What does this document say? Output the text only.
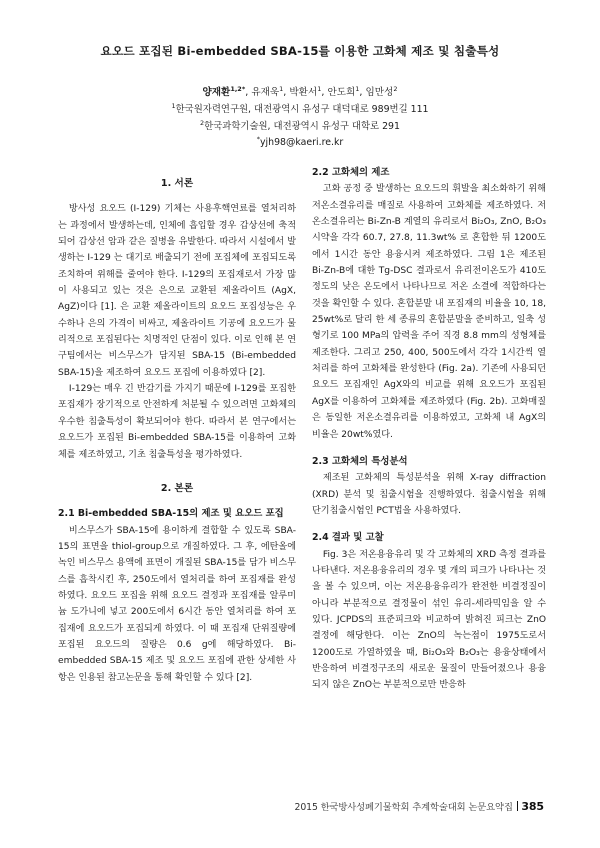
요오드 포집된 Bi-embedded SBA-15를 이용한 고화체 제조 및 침출특성
양재환$^{1,2*}$, 유재욱$^1$, 박환서$^1$, 안도희$^1$, 임만성$^2$
$^1$한국원자력연구원, 대전광역시 유성구 대덕대로 989번길 111
$^2$한국과학기술원, 대전광역시 유성구 대학로 291
*yjh98@kaeri.re.kr
1. 서론

방사성 요오드 (I-129) 기체는 사용후핵연료를 열처리하는 과정에서 발생하는데, 인체에 흡입할 경우 갑상선에 축적되어 갑상선 암과 같은 질병을 유발한다. 따라서 시설에서 발생하는 I-129 는 대기로 배출되기 전에 포집체에 포집되도록 조치하여 위해를 줄여야 한다. I-129의 포집재로서 가장 많이 사용되고 있는 것은 은으로 교환된 제올라이트 (AgX, AgZ)이다 [1]. 은 교환 제올라이트의 요오드 포집성능은 우수하나 은의 가격이 비싸고, 제올라이트 기공에 요오드가 물리적으로 포집된다는 치명적인 단점이 있다. 이로 인해 본 연구팀에서는 비스무스가 담지된 SBA-15 (Bi-embedded SBA-15)을 제조하여 요오드 포집에 이용하였다 [2].

I-129는 매우 긴 반감기를 가지기 때문에 I-129를 포집한 포집재가 장기적으로 안전하게 처분될 수 있으려면 고화체의 우수한 침출특성이 확보되어야 한다. 따라서 본 연구에서는 요오드가 포집된 Bi-embedded SBA-15를 이용하여 고화체를 제조하였고, 기초 침출특성을 평가하였다.

2. 본론

2.1 Bi-embedded SBA-15의 제조 및 요오드 포집

비스무스가 SBA-15에 용이하게 결합할 수 있도록 SBA-15의 표면을 thiol-group으로 개질하였다. 그 후, 에탄올에 녹인 비스무스 용액에 표면이 개질된 SBA-15를 담가 비스무스를 흡착시킨 후, 250도에서 열처리를 하여 포집재를 완성하였다. 요오드 포집을 위해 요오드 결정과 포집재를 알루미늄 도가니에 넣고 200도에서 6시간 동안 열처리를 하여 포집재에 요오드가 포집되게 하였다. 이 때 포집재 단위질량에 포집된 요오드의 질량은 0.6 g에 해당하였다. Bi-embedded SBA-15 제조 및 요오드 포집에 관한 상세한 사항은 인용된 참고논문을 통해 확인할 수 있다 [2].

2.2 고화체의 제조

고화 공정 중 발생하는 요오드의 휘발을 최소화하기 위해 저온소결유리를 매질로 사용하여 고화체를 제조하였다. 저온소결유리는 Bi-Zn-B 계열의 유리로서 Bi₂O₃, ZnO, B₂O₃ 시약을 각각 60.7, 27.8, 11.3wt% 로 혼합한 뒤 1200도에서 1시간 동안 용융시켜 제조하였다. 그림 1은 제조된 Bi-Zn-B에 대한 Tg-DSC 결과로서 유리전이온도가 410도 정도의 낮은 온도에서 나타나므로 저온 소결에 적합하다는 것을 확인할 수 있다. 혼합분말 내 포집재의 비율을 10, 18, 25wt%로 달리 한 세 종류의 혼합분말을 준비하고, 일축 성형기로 100 MPa의 압력을 주어 직경 8.8 mm의 성형체를 제조한다. 그리고 250, 400, 500도에서 각각 1시간씩 열처리를 하여 고화체를 완성한다 (Fig. 2a). 기존에 사용되던 요오드 포집재인 AgX와의 비교를 위해 요오드가 포집된 AgX를 이용하여 고화체를 제조하였다 (Fig. 2b). 고화매질은 동일한 저온소결유리를 이용하였고, 고화체 내 AgX의 비율은 20wt%였다.

2.3 고화체의 특성분석

제조된 고화체의 특성분석을 위해 X-ray diffraction (XRD) 분석 및 침출시험을 진행하였다. 침출시험을 위해 단기침출시험인 PCT법을 사용하였다.

2.4 결과 및 고찰

Fig. 3은 저온용융유리 및 각 고화체의 XRD 측정 결과를 나타낸다. 저온용융유리의 경우 몇 개의 피크가 나타나는 것을 볼 수 있으며, 이는 저온용융유리가 완전한 비결정질이 아니라 부분적으로 결정물이 섞인 유리-세라믹임을 알 수 있다. JCPDS의 표준피크와 비교하여 밝혀진 피크는 ZnO 결정에 해당한다. 이는 ZnO의 녹는점이 1975도로서 1200도로 가열하였을 때, Bi₂O₃와 B₂O₃는 용융상태에서 반응하여 비결정구조의 새로운 물질이 만들어졌으나 용융되지 않은 ZnO는 부분적으로만 반응하

2015 한국방사성폐기물학회 추계학술대회 논문요약집 385
